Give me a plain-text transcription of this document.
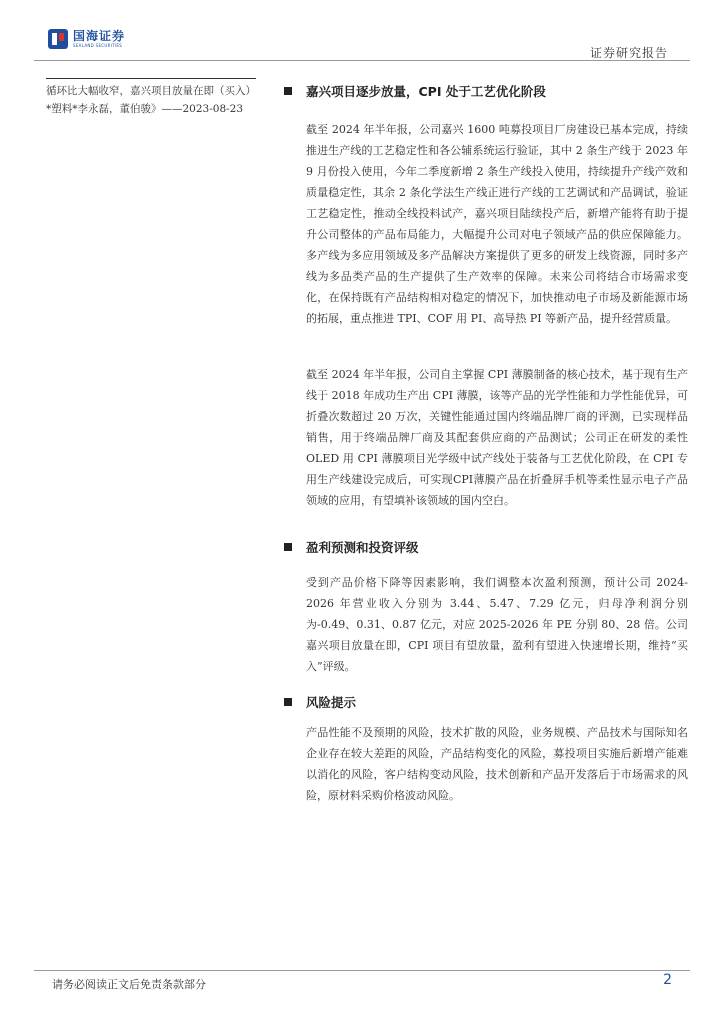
国海证券
SEALAND SECURITIES
证券研究报告
循环比大幅收窄，嘉兴项目放量在即（买入）*塑料*李永磊，董伯骏》——2023-08-23
嘉兴项目逐步放量，CPI 处于工艺优化阶段
截至 2024 年半年报，公司嘉兴 1600 吨募投项目厂房建设已基本完成，持续推进生产线的工艺稳定性和各公辅系统运行验证，其中 2 条生产线于 2023 年 9 月份投入使用，今年二季度新增 2 条生产线投入使用，持续提升产线产效和质量稳定性，其余 2 条化学法生产线正进行产线的工艺调试和产品调试，验证工艺稳定性，推动全线投料试产，嘉兴项目陆续投产后，新增产能将有助于提升公司整体的产品布局能力，大幅提升公司对电子领域产品的供应保障能力。多产线为多应用领域及多产品解决方案提供了更多的研发上线资源，同时多产线为多品类产品的生产提供了生产效率的保障。未来公司将结合市场需求变化，在保持既有产品结构相对稳定的情况下，加快推动电子市场及新能源市场的拓展，重点推进 TPI、COF 用 PI、高导热 PI 等新产品，提升经营质量。
截至 2024 年半年报，公司自主掌握 CPI 薄膜制备的核心技术，基于现有生产线于 2018 年成功生产出 CPI 薄膜，该等产品的光学性能和力学性能优异，可折叠次数超过 20 万次，关键性能通过国内终端品牌厂商的评测，已实现样品销售，用于终端品牌厂商及其配套供应商的产品测试；公司正在研发的柔性 OLED 用 CPI 薄膜项目光学级中试产线处于装备与工艺优化阶段，在 CPI 专用生产线建设完成后，可实现CPI薄膜产品在折叠屏手机等柔性显示电子产品领域的应用，有望填补该领域的国内空白。
盈利预测和投资评级
受到产品价格下降等因素影响，我们调整本次盈利预测，预计公司 2024-2026 年营业收入分别为 3.44、5.47、7.29 亿元，归母净利润分别为-0.49、0.31、0.87 亿元，对应 2025-2026 年 PE 分别 80、28 倍。公司嘉兴项目放量在即，CPI 项目有望放量，盈利有望进入快速增长期，维持“买入”评级。
风险提示
产品性能不及预期的风险，技术扩散的风险，业务规模、产品技术与国际知名企业存在较大差距的风险，产品结构变化的风险，募投项目实施后新增产能难以消化的风险，客户结构变动风险，技术创新和产品开发落后于市场需求的风险，原材料采购价格波动风险。
请务必阅读正文后免责条款部分	2
